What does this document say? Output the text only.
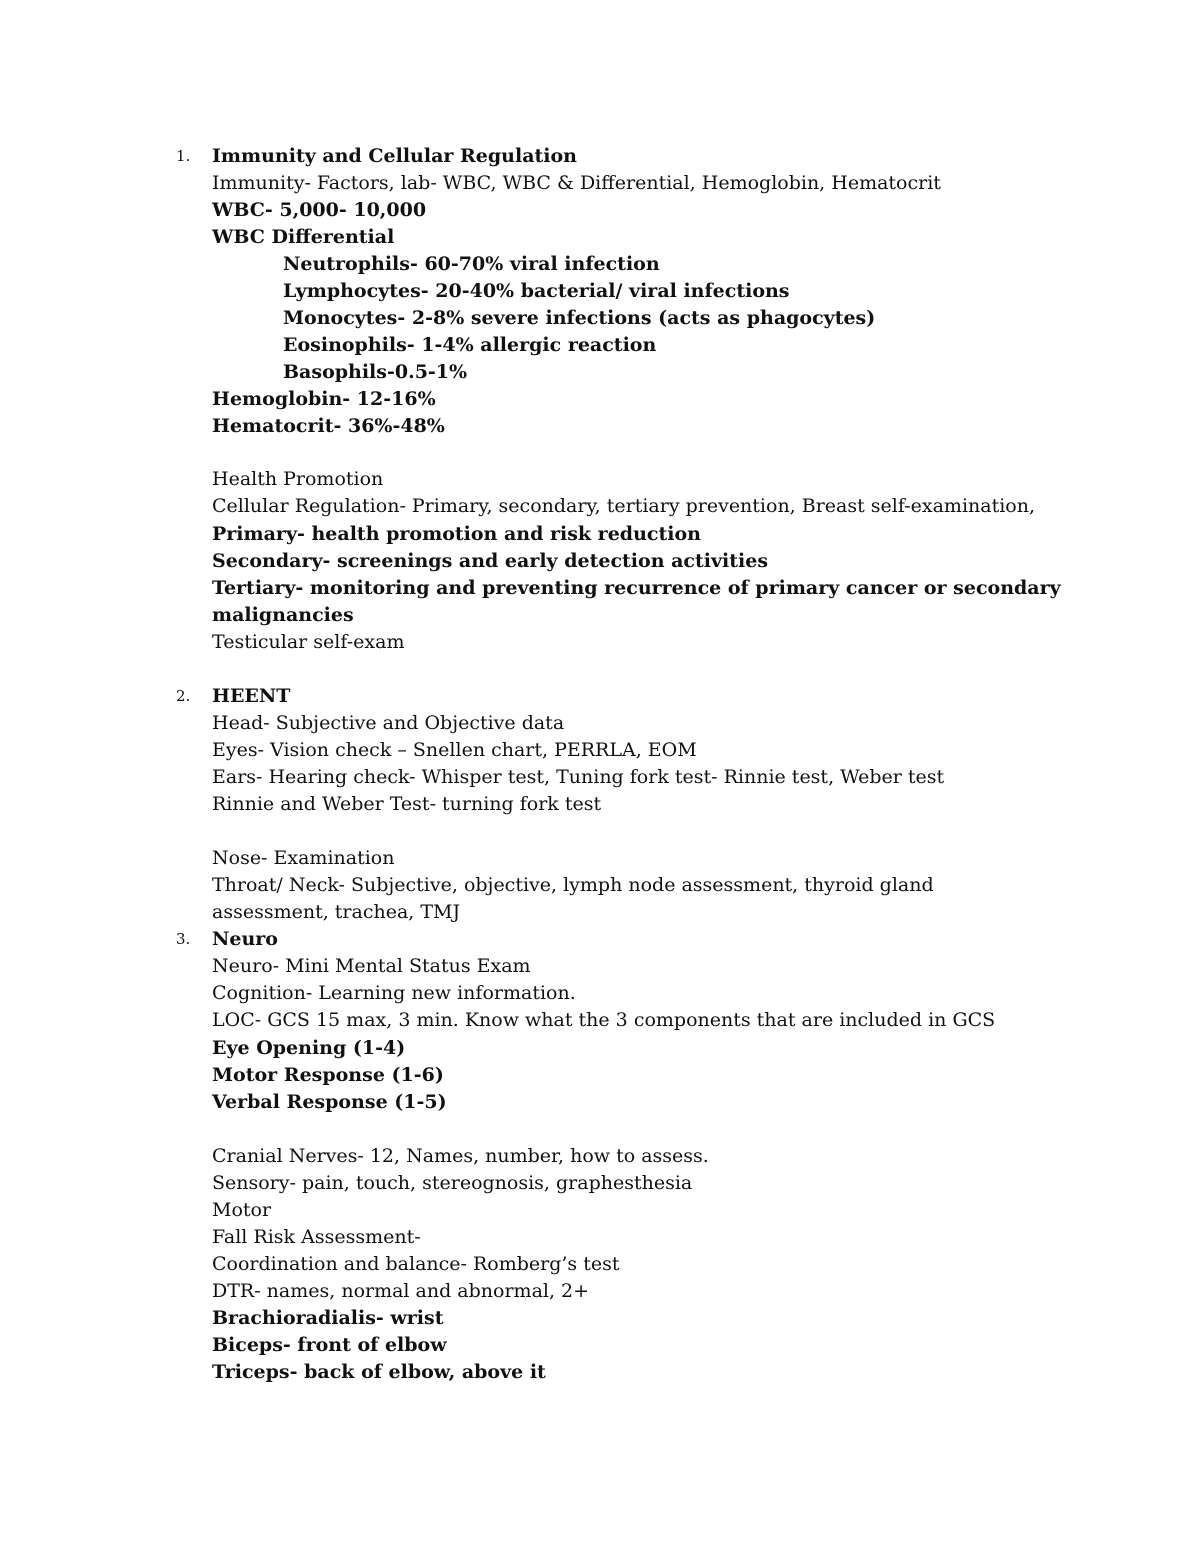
1. Immunity and Cellular Regulation
Immunity- Factors, lab- WBC, WBC & Differential, Hemoglobin, Hematocrit
WBC- 5,000- 10,000
WBC Differential
Neutrophils- 60-70% viral infection
Lymphocytes- 20-40% bacterial/ viral infections
Monocytes- 2-8% severe infections (acts as phagocytes)
Eosinophils- 1-4% allergic reaction
Basophils-0.5-1%
Hemoglobin- 12-16%
Hematocrit- 36%-48%
Health Promotion
Cellular Regulation- Primary, secondary, tertiary prevention, Breast self-examination,
Primary- health promotion and risk reduction
Secondary- screenings and early detection activities
Tertiary- monitoring and preventing recurrence of primary cancer or secondary
malignancies
Testicular self-exam
2. HEENT
Head- Subjective and Objective data
Eyes- Vision check – Snellen chart, PERRLA, EOM
Ears- Hearing check- Whisper test, Tuning fork test- Rinnie test, Weber test
Rinnie and Weber Test- turning fork test
Nose- Examination
Throat/ Neck- Subjective, objective, lymph node assessment, thyroid gland
assessment, trachea, TMJ
3. Neuro
Neuro- Mini Mental Status Exam
Cognition- Learning new information.
LOC- GCS 15 max, 3 min. Know what the 3 components that are included in GCS
Eye Opening (1-4)
Motor Response (1-6)
Verbal Response (1-5)
Cranial Nerves- 12, Names, number, how to assess.
Sensory- pain, touch, stereognosis, graphesthesia
Motor
Fall Risk Assessment-
Coordination and balance- Romberg’s test
DTR- names, normal and abnormal, 2+
Brachioradialis- wrist
Biceps- front of elbow
Triceps- back of elbow, above it
